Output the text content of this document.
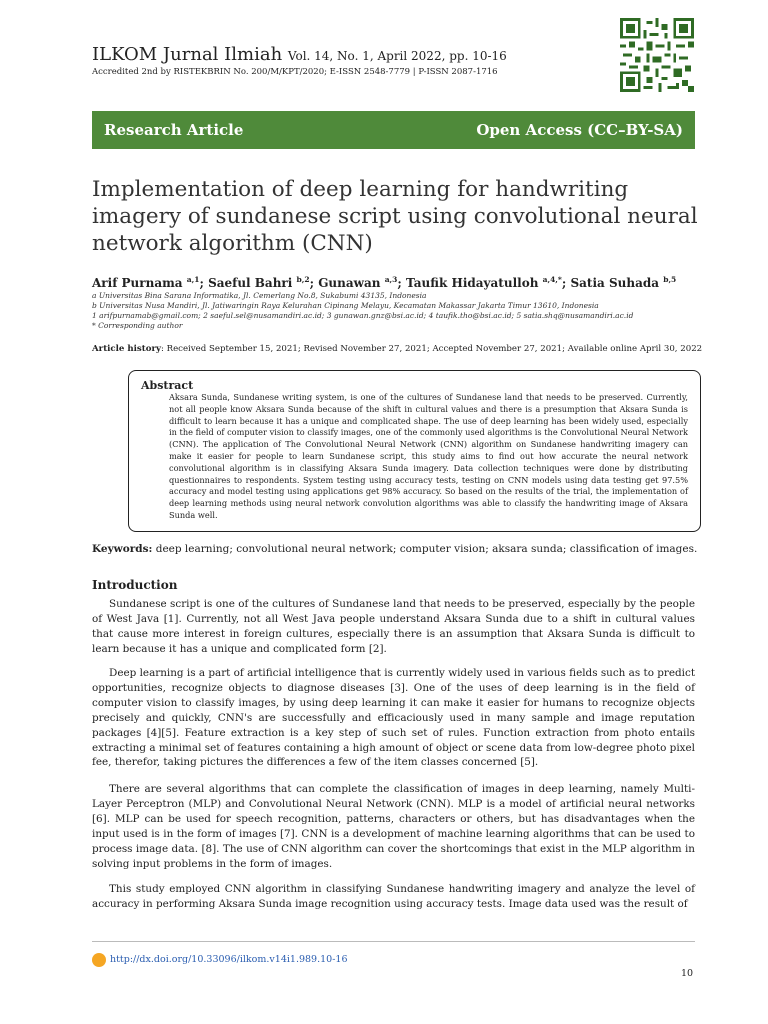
ILKOM Jurnal Ilmiah Vol. 14, No. 1, April 2022, pp. 10-16
Accredited 2nd by RISTEKBRIN No. 200/M/KPT/2020; E-ISSN 2548-7779 | P-ISSN 2087-1716
Research Article	Open Access (CC–BY-SA)
Implementation of deep learning for handwriting imagery of sundanese script using convolutional neural network algorithm (CNN)
Arif Purnama $^{a,1}$; Saeful Bahri $^{b,2}$; Gunawan $^{a,3}$; Taufik Hidayatulloh $^{a,4,*}$; Satia Suhada $^{b,5}$
a Universitas Bina Sarana Informatika, Jl. Cemerlang No.8, Sukabumi 43135, Indonesia
b Universitas Nusa Mandiri, Jl. Jatiwaringin Raya Kelurahan Cipinang Melayu, Kecamatan Makassar Jakarta Timur 13610, Indonesia
1 arifpurnamab@gmail.com; 2 saeful.sel@nusamandiri.ac.id; 3 gunawan.gnz@bsi.ac.id; 4 taufik.tho@bsi.ac.id; 5 satia.shq@nusamandiri.ac.id
* Corresponding author
Article history: Received September 15, 2021; Revised November 27, 2021; Accepted November 27, 2021; Available online April 30, 2022
Abstract

Aksara Sunda, Sundanese writing system, is one of the cultures of Sundanese land that needs to be preserved. Currently, not all people know Aksara Sunda because of the shift in cultural values and there is a presumption that Aksara Sunda is difficult to learn because it has a unique and complicated shape. The use of deep learning has been widely used, especially in the field of computer vision to classify images, one of the commonly used algorithms is the Convolutional Neural Network (CNN). The application of The Convolutional Neural Network (CNN) algorithm on Sundanese handwriting imagery can make it easier for people to learn Sundanese script, this study aims to find out how accurate the neural network convolutional algorithm is in classifying Aksara Sunda imagery. Data collection techniques were done by distributing questionnaires to respondents. System testing using accuracy tests, testing on CNN models using data testing get 97.5% accuracy and model testing using applications get 98% accuracy. So based on the results of the trial, the implementation of deep learning methods using neural network convolution algorithms was able to classify the handwriting image of Aksara Sunda well.

Keywords: deep learning; convolutional neural network; computer vision; aksara sunda; classification of images.
Introduction

Sundanese script is one of the cultures of Sundanese land that needs to be preserved, especially by the people of West Java [1]. Currently, not all West Java people understand Aksara Sunda due to a shift in cultural values that cause more interest in foreign cultures, especially there is an assumption that Aksara Sunda is difficult to learn because it has a unique and complicated form [2].

Deep learning is a part of artificial intelligence that is currently widely used in various fields such as to predict opportunities, recognize objects to diagnose diseases [3]. One of the uses of deep learning is in the field of computer vision to classify images, by using deep learning it can make it easier for humans to recognize objects precisely and quickly, CNN's are successfully and efficaciously used in many sample and image reputation packages [4][5]. Feature extraction is a key step of such set of rules. Function extraction from photo entails extracting a minimal set of features containing a high amount of object or scene data from low-degree photo pixel fee, therefor, taking pictures the differences a few of the item classes concerned [5].

There are several algorithms that can complete the classification of images in deep learning, namely Multi-Layer Perceptron (MLP) and Convolutional Neural Network (CNN). MLP is a model of artificial neural networks [6]. MLP can be used for speech recognition, patterns, characters or others, but has disadvantages when the input used is in the form of images [7]. CNN is a development of machine learning algorithms that can be used to process image data. [8]. The use of CNN algorithm can cover the shortcomings that exist in the MLP algorithm in solving input problems in the form of images.

This study employed CNN algorithm in classifying Sundanese handwriting imagery and analyze the level of accuracy in performing Aksara Sunda image recognition using accuracy tests. Image data used was the result of

http://dx.doi.org/10.33096/ilkom.v14i1.989.10-16
10
